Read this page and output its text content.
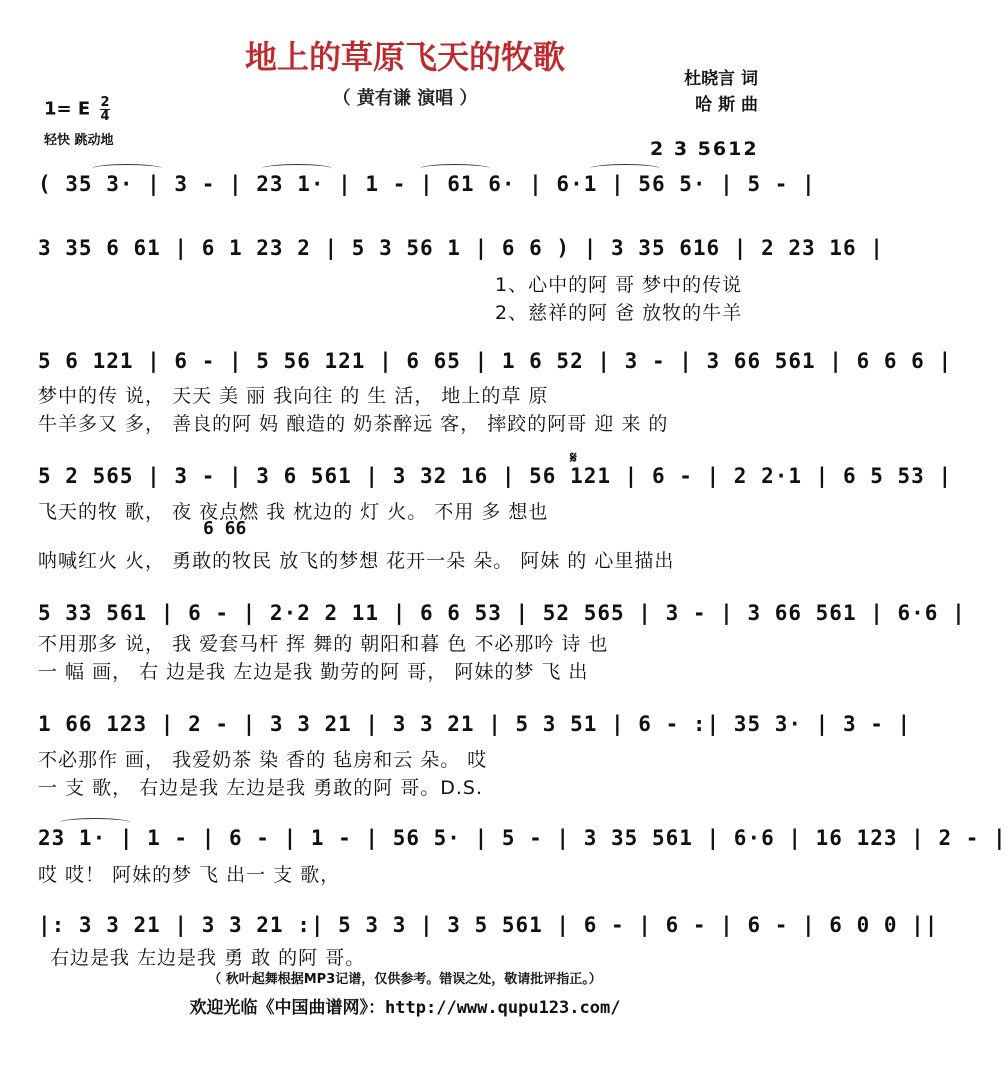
地上的草原飞天的牧歌
（ 黄有谦 演唱 ）
杜晓言 词
哈 斯 曲
1= E $\frac{2}{4}$
轻快 跳动地	2 3 5612
( 35 3· | 3 - | 23 1· | 1 - | 61 6· | 6·1 | 56 5· | 5 - |
3 35 6 61 | 6 1 23 2 | 5 3 56 1 | 6 6 ) | 3 35 616 | 2 23 16 |
1、心中的阿 哥 梦中的传说
2、慈祥的阿 爸 放牧的牛羊
5 6 121 | 6 - | 5 56 121 | 6 65 | 1 6 52 | 3 - | 3 66 561 | 6 6 6 |
梦中的传 说， 天天 美 丽 我向往 的 生 活， 地上的草 原
牛羊多又 多， 善良的阿 妈 酿造的 奶茶醉远 客， 摔跤的阿哥 迎 来 的
𝄋
5 2 565 | 3 - | 3 6 561 | 3 32 16 | 56 121 | 6 - | 2 2·1 | 6 5 53 |
飞天的牧 歌， 夜 夜点燃 我 枕边的 灯 火。 不用 多 想也
6 66
呐喊红火 火， 勇敢的牧民 放飞的梦想 花开一朵 朵。 阿妹 的 心里描出
5 33 561 | 6 - | 2·2 2 11 | 6 6 53 | 52 565 | 3 - | 3 66 561 | 6·6 |
不用那多 说， 我 爱套马杆 挥 舞的 朝阳和暮 色 不必那吟 诗 也
一 幅 画， 右 边是我 左边是我 勤劳的阿 哥， 阿妹的梦 飞 出
1 66 123 | 2 - | 3 3 21 | 3 3 21 | 5 3 51 | 6 - :| 35 3· | 3 - |
不必那作 画， 我爱奶茶 染 香的 毡房和云 朵。 哎
一 支 歌， 右边是我 左边是我 勇敢的阿 哥。D.S.
23 1· | 1 - | 6 - | 1 - | 56 5· | 5 - | 3 35 561 | 6·6 | 16 123 | 2 - |
哎 哎！ 阿妹的梦 飞 出一 支 歌，
|: 3 3 21 | 3 3 21 :| 5 3 3 | 3 5 561 | 6 - | 6 - | 6 - | 6 0 0 ||
右边是我 左边是我 勇 敢 的阿 哥。
（ 秋叶起舞根据MP3记谱，仅供参考。错误之处，敬请批评指正。）
欢迎光临《中国曲谱网》：http://www.qupu123.com/
